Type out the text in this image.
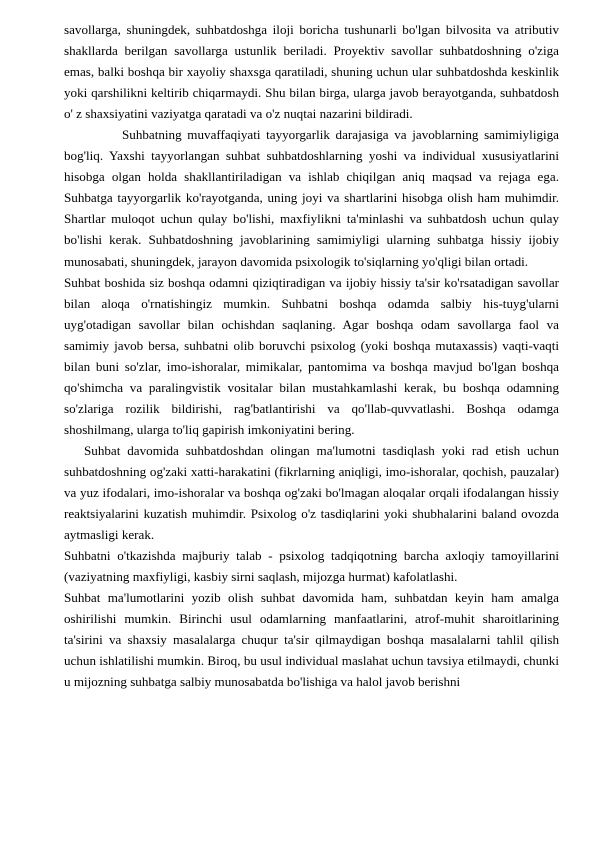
savollarga, shuningdek, suhbatdoshga iloji boricha tushunarli bo'lgan bilvosita va atributiv shakllarda berilgan savollarga ustunlik beriladi. Proyektiv savollar suhbatdoshning o'ziga emas, balki boshqa bir xayoliy shaxsga qaratiladi, shuning uchun ular suhbatdoshda keskinlik yoki qarshilikni keltirib chiqarmaydi. Shu bilan birga, ularga javob berayotganda, suhbatdosh o' z shaxsiyatini vaziyatga qaratadi va o'z nuqtai nazarini bildiradi.

Suhbatning muvaffaqiyati tayyorgarlik darajasiga va javoblarning samimiyligiga bog'liq. Yaxshi tayyorlangan suhbat suhbatdoshlarning yoshi va individual xususiyatlarini hisobga olgan holda shakllantiriladigan va ishlab chiqilgan aniq maqsad va rejaga ega. Suhbatga tayyorgarlik ko'rayotganda, uning joyi va shartlarini hisobga olish ham muhimdir. Shartlar muloqot uchun qulay bo'lishi, maxfiylikni ta'minlashi va suhbatdosh uchun qulay bo'lishi kerak. Suhbatdoshning javoblarining samimiyligi ularning suhbatga hissiy ijobiy munosabati, shuningdek, jarayon davomida psixologik to'siqlarning yo'qligi bilan ortadi.

Suhbat boshida siz boshqa odamni qiziqtiradigan va ijobiy hissiy ta'sir ko'rsatadigan savollar bilan aloqa o'rnatishingiz mumkin. Suhbatni boshqa odamda salbiy his-tuyg'ularni uyg'otadigan savollar bilan ochishdan saqlaning. Agar boshqa odam savollarga faol va samimiy javob bersa, suhbatni olib boruvchi psixolog (yoki boshqa mutaxassis) vaqti-vaqti bilan buni so'zlar, imo-ishoralar, mimikalar, pantomima va boshqa mavjud bo'lgan boshqa qo'shimcha va paralingvistik vositalar bilan mustahkamlashi kerak, bu boshqa odamning so'zlariga rozilik bildirishi, rag'batlantirishi va qo'llab-quvvatlashi. Boshqa odamga shoshilmang, ularga to'liq gapirish imkoniyatini bering.

Suhbat davomida suhbatdoshdan olingan ma'lumotni tasdiqlash yoki rad etish uchun suhbatdoshning og'zaki xatti-harakatini (fikrlarning aniqligi, imo-ishoralar, qochish, pauzalar) va yuz ifodalari, imo-ishoralar va boshqa og'zaki bo'lmagan aloqalar orqali ifodalangan hissiy reaktsiyalarini kuzatish muhimdir. Psixolog o'z tasdiqlarini yoki shubhalarini baland ovozda aytmasligi kerak.

Suhbatni o'tkazishda majburiy talab - psixolog tadqiqotning barcha axloqiy tamoyillarini (vaziyatning maxfiyligi, kasbiy sirni saqlash, mijozga hurmat) kafolatlashi.

Suhbat ma'lumotlarini yozib olish suhbat davomida ham, suhbatdan keyin ham amalga oshirilishi mumkin. Birinchi usul odamlarning manfaatlarini, atrof-muhit sharoitlarining ta'sirini va shaxsiy masalalarga chuqur ta'sir qilmaydigan boshqa masalalarni tahlil qilish uchun ishlatilishi mumkin. Biroq, bu usul individual maslahat uchun tavsiya etilmaydi, chunki u mijozning suhbatga salbiy munosabatda bo'lishiga va halol javob berishni
